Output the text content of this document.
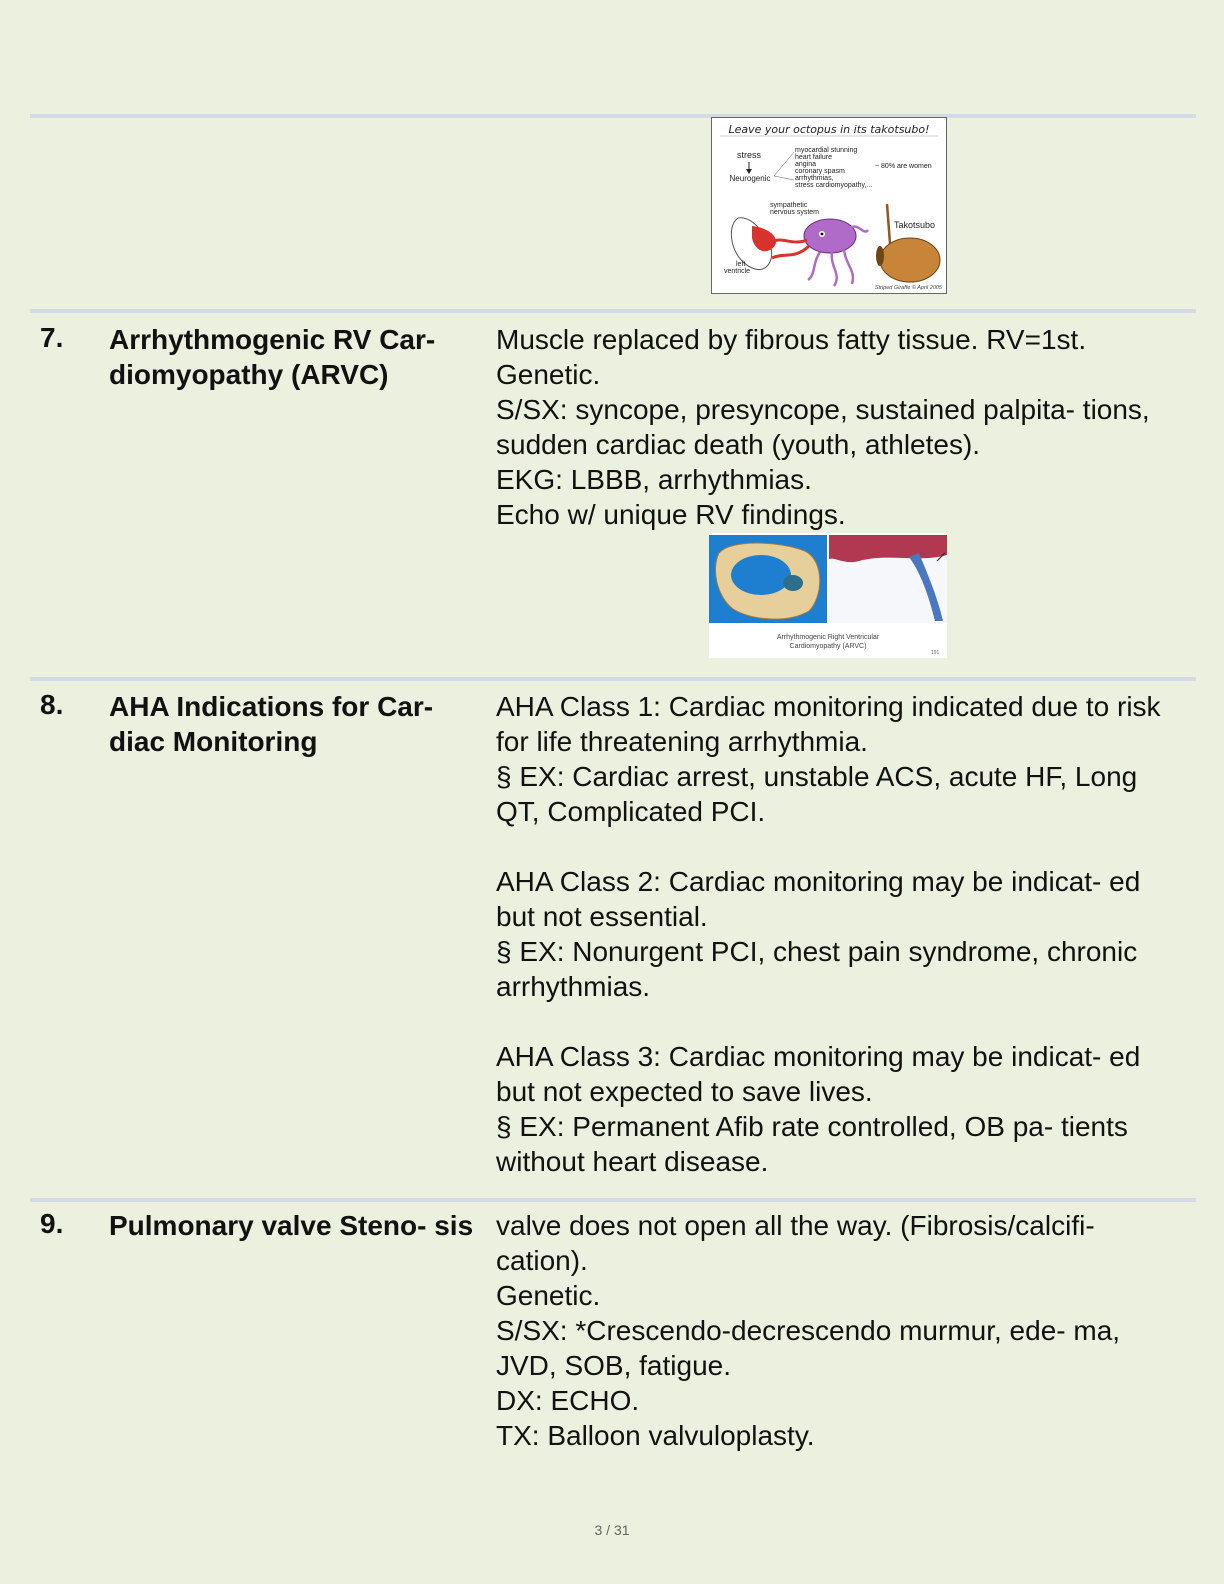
Leave your octopus in its takotsubo!
stress
Neurogenic
myocardial stunning
heart failure
angina
coronary spasm
arrhythmias,
stress cardiomyopathy,...
~ 80% are women
sympathetic
nervous system
Takotsubo
left
ventricle
Striped Giraffe © April 2005
Arrhythmogenic Right Ventricular
Cardiomyopathy (ARVC)
191
7. Arrhythmogenic RV Car- diomyopathy (ARVC)

Muscle replaced by fibrous fatty tissue. RV=1st.

Genetic.

S/SX: syncope, presyncope, sustained palpita- tions, sudden cardiac death (youth, athletes).

EKG: LBBB, arrhythmias.

Echo w/ unique RV findings.

8. AHA Indications for Car- diac Monitoring

AHA Class 1: Cardiac monitoring indicated due to risk for life threatening arrhythmia.

§ EX: Cardiac arrest, unstable ACS, acute HF, Long QT, Complicated PCI.

AHA Class 2: Cardiac monitoring may be indicat- ed but not essential.

§ EX: Nonurgent PCI, chest pain syndrome, chronic arrhythmias.

AHA Class 3: Cardiac monitoring may be indicat- ed but not expected to save lives.

§ EX: Permanent Afib rate controlled, OB pa- tients without heart disease.

9. Pulmonary valve Steno- sis valve does not open all the way. (Fibrosis/calcifi- cation).

Genetic.

S/SX: *Crescendo-decrescendo murmur, ede- ma, JVD, SOB, fatigue.

DX: ECHO.

TX: Balloon valvuloplasty.

3 / 31
